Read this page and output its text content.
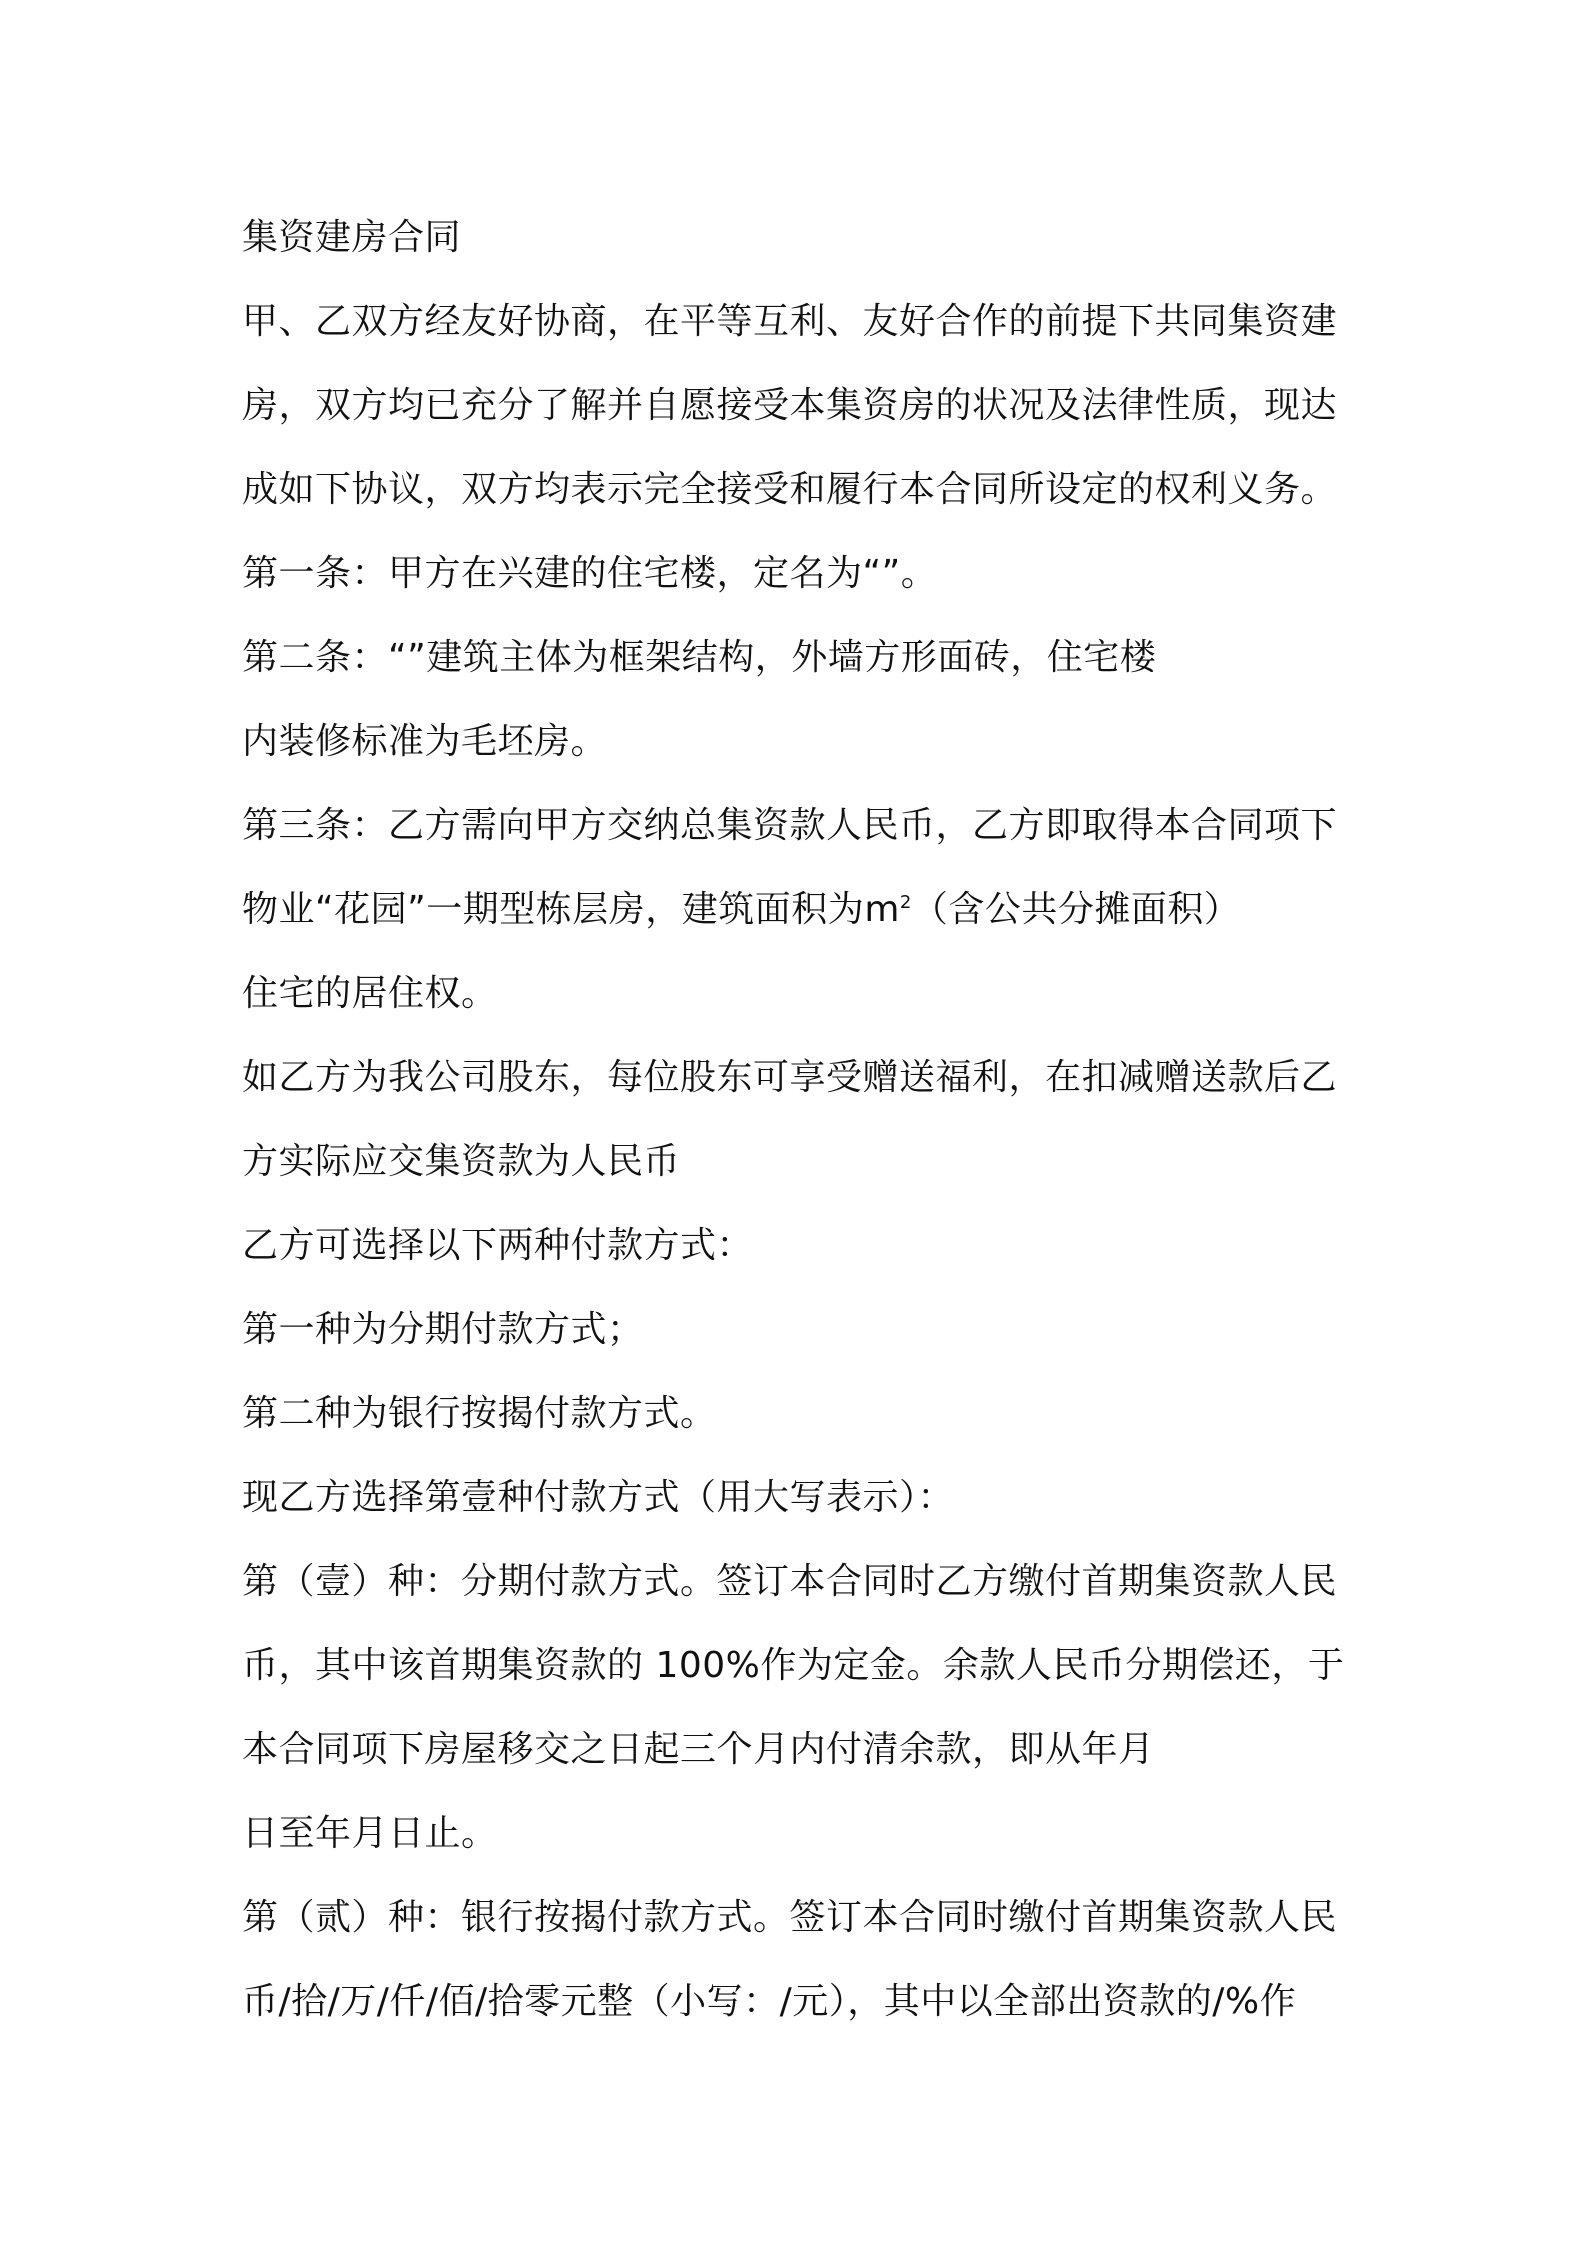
集资建房合同
甲、乙双方经友好协商，在平等互利、友好合作的前提下共同集资建
房，双方均已充分了解并自愿接受本集资房的状况及法律性质，现达
成如下协议，双方均表示完全接受和履行本合同所设定的权利义务。
第一条：甲方在兴建的住宅楼，定名为“”。
第二条：“”建筑主体为框架结构，外墙方形面砖，住宅楼
内装修标准为毛坯房。
第三条：乙方需向甲方交纳总集资款人民币，乙方即取得本合同项下
物业“花园”一期型栋层房，建筑面积为$m^2$（含公共分摊面积）
住宅的居住权。
如乙方为我公司股东，每位股东可享受赠送福利，在扣减赠送款后乙
方实际应交集资款为人民币
乙方可选择以下两种付款方式：
第一种为分期付款方式；
第二种为银行按揭付款方式。
现乙方选择第壹种付款方式（用大写表示）：
第（壹）种：分期付款方式。签订本合同时乙方缴付首期集资款人民
币，其中该首期集资款的 100%作为定金。余款人民币分期偿还，于
本合同项下房屋移交之日起三个月内付清余款，即从年月
日至年月日止。
第（贰）种：银行按揭付款方式。签订本合同时缴付首期集资款人民
币/拾/万/仟/佰/拾零元整（小写：/元），其中以全部出资款的/%作
